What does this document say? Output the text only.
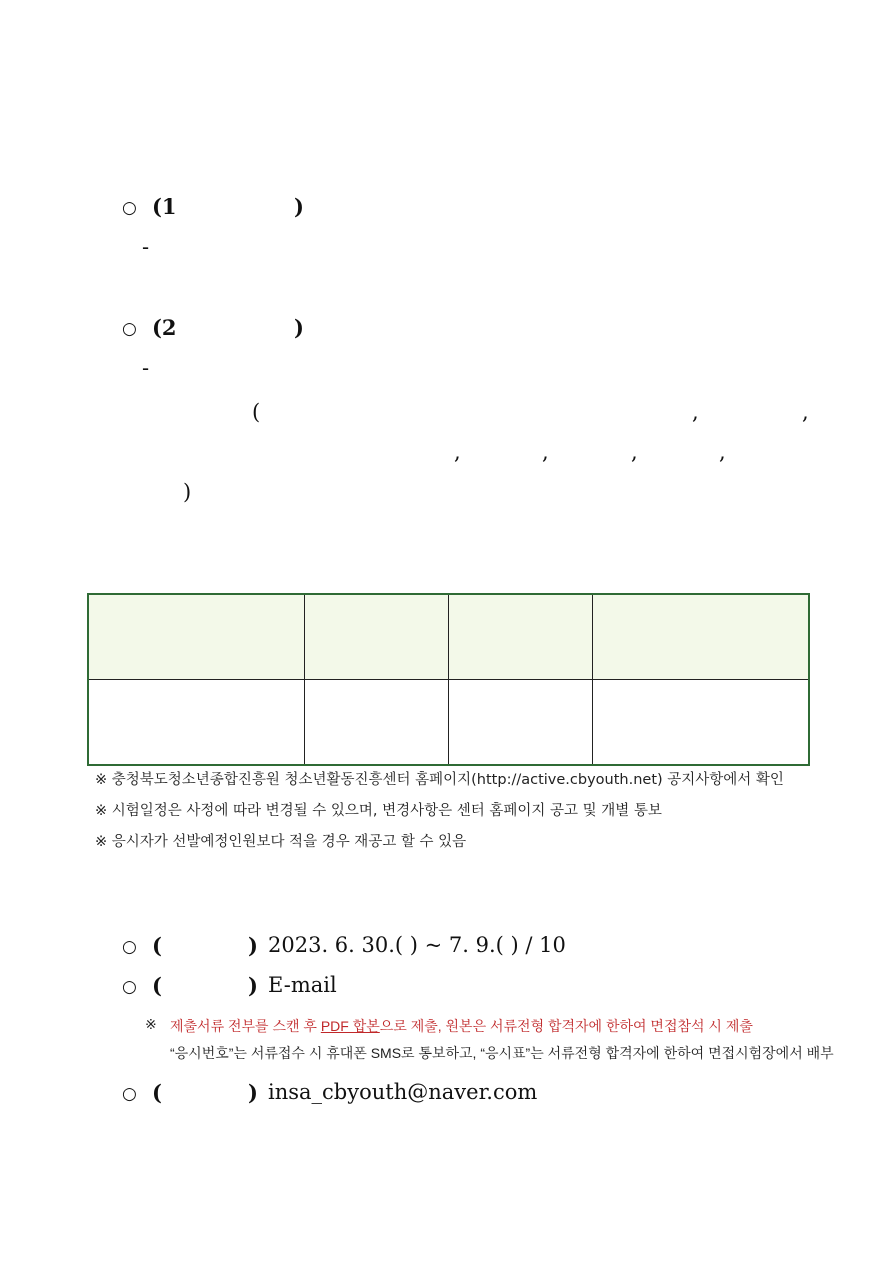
○ (1	)
-
○ (2	)
-
(	,	,
,	,	,	,
)

※ 충청북도청소년종합진흥원 청소년활동진흥센터 홈페이지(http://active.cbyouth.net) 공지사항에서 확인
※ 시험일정은 사정에 따라 변경될 수 있으며, 변경사항은 센터 홈페이지 공고 및 개별 통보
※ 응시자가 선발예정인원보다 적을 경우 재공고 할 수 있음
○ (	) 2023. 6. 30.( ) ~ 7. 9.( ) / 10
○ (	) E-mail
※ 제출서류 전부를 스캔 후 PDF 합본으로 제출, 원본은 서류전형 합격자에 한하여 면접참석 시 제출
“응시번호”는 서류접수 시 휴대폰 SMS로 통보하고, “응시표”는 서류전형 합격자에 한하여 면접시험장에서 배부
○ (	) insa_cbyouth@naver.com
